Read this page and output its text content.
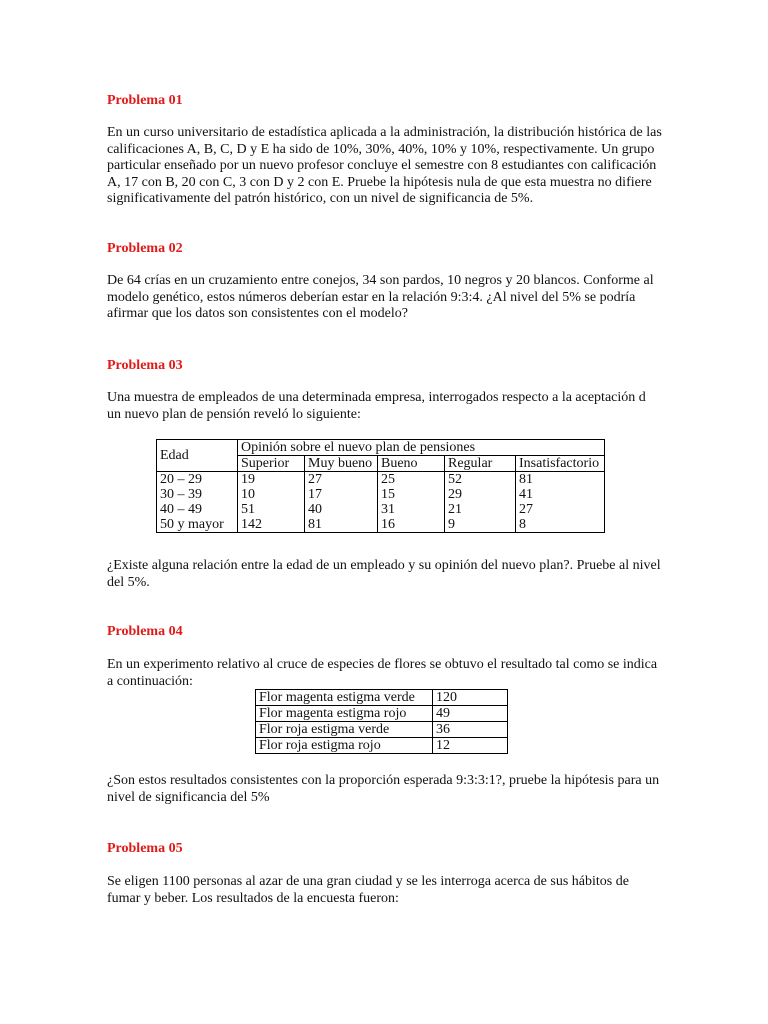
Problema 01

En un curso universitario de estadística aplicada a la administración, la distribución histórica de las calificaciones A, B, C, D y E ha sido de 10%, 30%, 40%, 10% y 10%, respectivamente. Un grupo particular enseñado por un nuevo profesor concluye el semestre con 8 estudiantes con calificación A, 17 con B, 20 con C, 3 con D y 2 con E. Pruebe la hipótesis nula de que esta muestra no difiere significativamente del patrón histórico, con un nivel de significancia de 5%.

Problema 02

De 64 crías en un cruzamiento entre conejos, 34 son pardos, 10 negros y 20 blancos. Conforme al modelo genético, estos números deberían estar en la relación 9:3:4. ¿Al nivel del 5% se podría afirmar que los datos son consistentes con el modelo?

Problema 03

Una muestra de empleados de una determinada empresa, interrogados respecto a la aceptación d un nuevo plan de pensión reveló lo siguiente:

Edad	Opinión sobre el nuevo plan de pensiones				
	Superior	Muy bueno	Bueno	Regular	Insatisfactorio
20 – 29	19	27	25	52	81
30 – 39	10	17	15	29	41
40 – 49	51	40	31	21	27
50 y mayor	142	81	16	9	8

¿Existe alguna relación entre la edad de un empleado y su opinión del nuevo plan?. Pruebe al nivel del 5%.

Problema 04

En un experimento relativo al cruce de especies de flores se obtuvo el resultado tal como se indica a continuación:

Flor magenta estigma verde	120
Flor magenta estigma rojo	49
Flor roja estigma verde	36
Flor roja estigma rojo	12

¿Son estos resultados consistentes con la proporción esperada 9:3:3:1?, pruebe la hipótesis para un nivel de significancia del 5%

Problema 05

Se eligen 1100 personas al azar de una gran ciudad y se les interroga acerca de sus hábitos de fumar y beber. Los resultados de la encuesta fueron:
